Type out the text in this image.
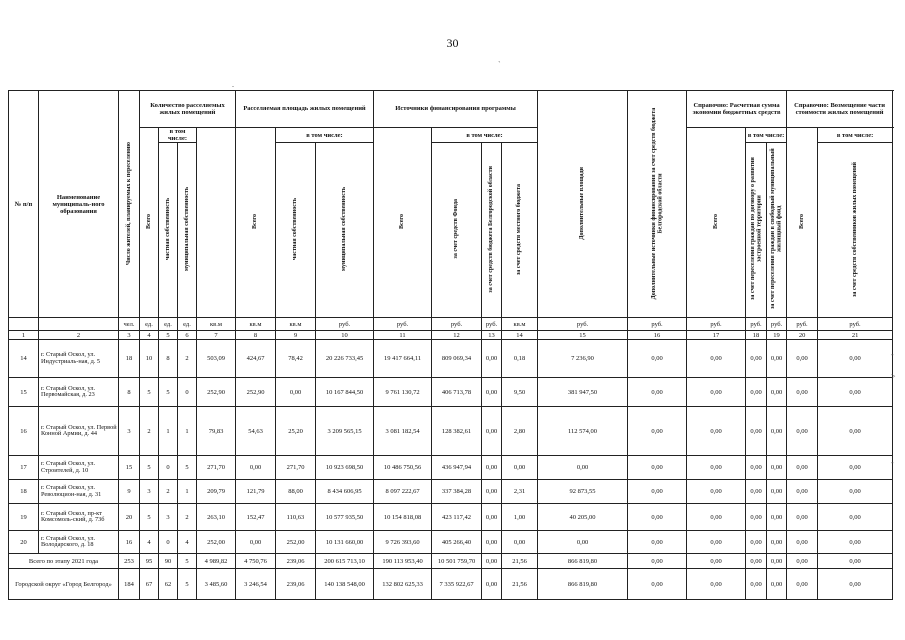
30
№ п/п	Наименование муниципаль-ного образования	Число жителей, планируемых к переселению	Количество расселяемых жилых помещений				Расселяемая площадь жилых помещений			Источники финансирования программы				Дополнительные площади	Дополнительные источники финансирования за счет средств бюджета Белгородской области	Справочно: Расчетная сумма экономии бюджетных средств			Справочно: Возмещение части стоимости жилых помещений		
			Всего	в том числе:			Всего	в том числе:		Всего	в том числе:					Всего	в том числе:		Всего	в том числе:	
				частная собственность	муниципальная собственность			частная собственность	муниципальная собственность		за счет средств Фонда	за счет средств бюджета Белгородской области	за счет средств местного бюджета				за счет переселения граждан по договору о развитии застроенной территории	за счет переселения граждан в свободный муниципальный жилищный фонд		за счет средств собственников жилых помещений	
		чел.	ед.	ед.	ед.	кв.м	кв.м	кв.м	руб.	руб.	руб.	руб.	кв.м	руб.	руб.	руб.	руб.	руб.	руб.	руб.	
1	2	3	4	5	6	7	8	9	10	11	12	13	14	15	16	17	18	19	20	21	
14	г. Старый Оскол, ул. Индустриаль-ная, д. 5	18	10	8	2	503,09	424,67	78,42	20 226 733,45	19 417 664,11	809 069,34	0,00	0,18	7 236,90	0,00	0,00	0,00	0,00	0,00	0,00	
15	г. Старый Оскол, ул. Первомайская, д. 23	8	5	5	0	252,90	252,90	0,00	10 167 844,50	9 761 130,72	406 713,78	0,00	9,50	381 947,50	0,00	0,00	0,00	0,00	0,00	0,00	
16	г. Старый Оскол, ул. Первой Конной Армии, д. 44	3	2	1	1	79,83	54,63	25,20	3 209 565,15	3 081 182,54	128 382,61	0,00	2,80	112 574,00	0,00	0,00	0,00	0,00	0,00	0,00	
17	г. Старый Оскол, ул. Строителей, д. 10	15	5	0	5	271,70	0,00	271,70	10 923 698,50	10 486 750,56	436 947,94	0,00	0,00	0,00	0,00	0,00	0,00	0,00	0,00	0,00	
18	г. Старый Оскол, ул. Революцион-ная, д. 31	9	3	2	1	209,79	121,79	88,00	8 434 606,95	8 097 222,67	337 384,28	0,00	2,31	92 873,55	0,00	0,00	0,00	0,00	0,00	0,00	
19	г. Старый Оскол, пр-кт Комсомоль-ский, д. 73б	20	5	3	2	263,10	152,47	110,63	10 577 935,50	10 154 818,08	423 117,42	0,00	1,00	40 205,00	0,00	0,00	0,00	0,00	0,00	0,00	
20	г. Старый Оскол, ул. Володарского, д. 18	16	4	0	4	252,00	0,00	252,00	10 131 660,00	9 726 393,60	405 266,40	0,00	0,00	0,00	0,00	0,00	0,00	0,00	0,00	0,00	
Всего по этапу 2021 года		253	95	90	5	4 989,82	4 750,76	239,06	200 615 713,10	190 113 953,40	10 501 759,70	0,00	21,56	866 819,80	0,00	0,00	0,00	0,00	0,00	0,00	
Городской округ «Город Белгород»		184	67	62	5	3 485,60	3 246,54	239,06	140 138 548,00	132 802 625,33	7 335 922,67	0,00	21,56	866 819,80	0,00	0,00	0,00	0,00	0,00	0,00	
.
`
-
>
-
